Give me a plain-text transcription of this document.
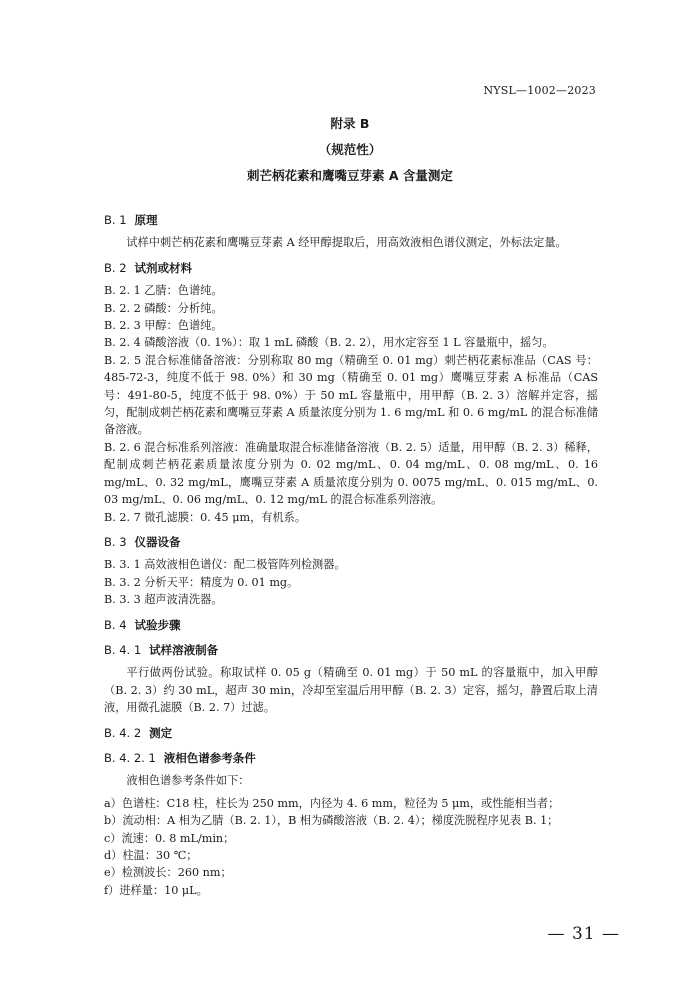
NYSL—1002—2023
附录 B
（规范性）
刺芒柄花素和鹰嘴豆芽素 A 含量测定

B. 1 原理

试样中刺芒柄花素和鹰嘴豆芽素 A 经甲醇提取后，用高效液相色谱仪测定，外标法定量。

B. 2 试剂或材料

B. 2. 1 乙腈：色谱纯。

B. 2. 2 磷酸：分析纯。

B. 2. 3 甲醇：色谱纯。

B. 2. 4 磷酸溶液（0. 1%）：取 1 mL 磷酸（B. 2. 2），用水定容至 1 L 容量瓶中，摇匀。

B. 2. 5 混合标准储备溶液：分别称取 80 mg（精确至 0. 01 mg）刺芒柄花素标准品（CAS 号：485-72-3，纯度不低于 98. 0%）和 30 mg（精确至 0. 01 mg）鹰嘴豆芽素 A 标准品（CAS 号：491-80-5，纯度不低于 98. 0%）于 50 mL 容量瓶中，用甲醇（B. 2. 3）溶解并定容，摇匀，配制成刺芒柄花素和鹰嘴豆芽素 A 质量浓度分别为 1. 6 mg/mL 和 0. 6 mg/mL 的混合标准储备溶液。

B. 2. 6 混合标准系列溶液：准确量取混合标准储备溶液（B. 2. 5）适量，用甲醇（B. 2. 3）稀释，配制成刺芒柄花素质量浓度分别为 0. 02 mg/mL、0. 04 mg/mL、0. 08 mg/mL、0. 16 mg/mL、0. 32 mg/mL，鹰嘴豆芽素 A 质量浓度分别为 0. 0075 mg/mL、0. 015 mg/mL、0. 03 mg/mL、0. 06 mg/mL、0. 12 mg/mL 的混合标准系列溶液。

B. 2. 7 微孔滤膜：0. 45 μm，有机系。

B. 3 仪器设备

B. 3. 1 高效液相色谱仪：配二极管阵列检测器。

B. 3. 2 分析天平：精度为 0. 01 mg。

B. 3. 3 超声波清洗器。

B. 4 试验步骤

B. 4. 1 试样溶液制备

平行做两份试验。称取试样 0. 05 g（精确至 0. 01 mg）于 50 mL 的容量瓶中，加入甲醇（B. 2. 3）约 30 mL，超声 30 min，冷却至室温后用甲醇（B. 2. 3）定容，摇匀，静置后取上清液，用微孔滤膜（B. 2. 7）过滤。

B. 4. 2 测定

B. 4. 2. 1 液相色谱参考条件

液相色谱参考条件如下：

a）色谱柱：C18 柱，柱长为 250 mm，内径为 4. 6 mm，粒径为 5 μm，或性能相当者；

b）流动相：A 相为乙腈（B. 2. 1），B 相为磷酸溶液（B. 2. 4）；梯度洗脱程序见表 B. 1；

c）流速：0. 8 mL/min；

d）柱温：30 ℃；

e）检测波长：260 nm；

f）进样量：10 μL。

— 31 —
